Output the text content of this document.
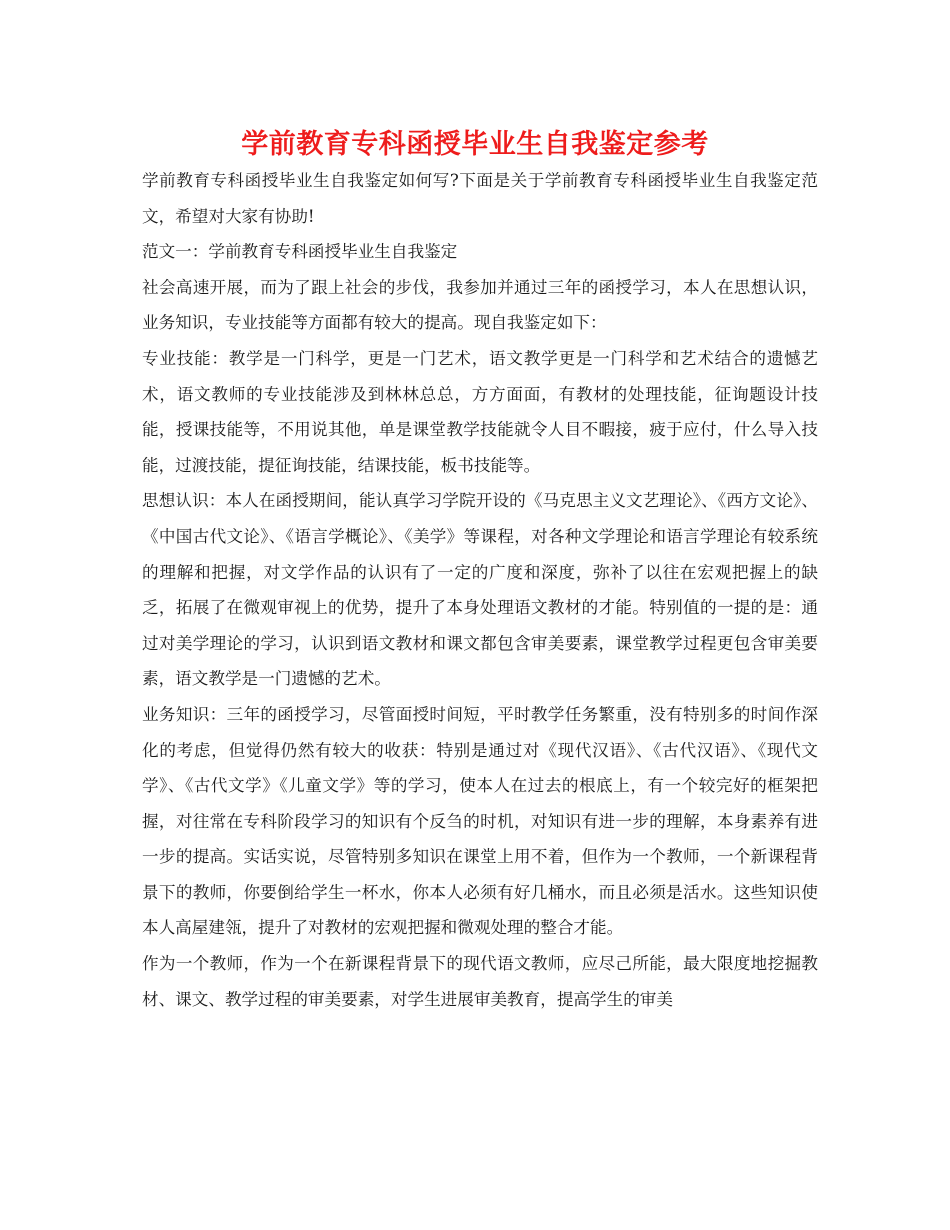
学前教育专科函授毕业生自我鉴定参考

学前教育专科函授毕业生自我鉴定如何写?下面是关于学前教育专科函授毕业生自我鉴定范文，希望对大家有协助!

范文一：学前教育专科函授毕业生自我鉴定

社会高速开展，而为了跟上社会的步伐，我参加并通过三年的函授学习，本人在思想认识，业务知识，专业技能等方面都有较大的提高。现自我鉴定如下：

专业技能：教学是一门科学，更是一门艺术，语文教学更是一门科学和艺术结合的遗憾艺术，语文教师的专业技能涉及到林林总总，方方面面，有教材的处理技能，征询题设计技能，授课技能等，不用说其他，单是课堂教学技能就令人目不暇接，疲于应付，什么导入技能，过渡技能，提征询技能，结课技能，板书技能等。

思想认识：本人在函授期间，能认真学习学院开设的《马克思主义文艺理论》、《西方文论》、《中国古代文论》、《语言学概论》、《美学》等课程，对各种文学理论和语言学理论有较系统的理解和把握，对文学作品的认识有了一定的广度和深度，弥补了以往在宏观把握上的缺乏，拓展了在微观审视上的优势，提升了本身处理语文教材的才能。特别值的一提的是：通过对美学理论的学习，认识到语文教材和课文都包含审美要素，课堂教学过程更包含审美要素，语文教学是一门遗憾的艺术。

业务知识：三年的函授学习，尽管面授时间短，平时教学任务繁重，没有特别多的时间作深化的考虑，但觉得仍然有较大的收获：特别是通过对《现代汉语》、《古代汉语》、《现代文学》、《古代文学》《儿童文学》等的学习，使本人在过去的根底上，有一个较完好的框架把握，对往常在专科阶段学习的知识有个反刍的时机，对知识有进一步的理解，本身素养有进一步的提高。实话实说，尽管特别多知识在课堂上用不着，但作为一个教师，一个新课程背景下的教师，你要倒给学生一杯水，你本人必须有好几桶水，而且必须是活水。这些知识使本人高屋建瓴，提升了对教材的宏观把握和微观处理的整合才能。

作为一个教师，作为一个在新课程背景下的现代语文教师，应尽己所能，最大限度地挖掘教材、课文、教学过程的审美要素，对学生进展审美教育，提高学生的审美
